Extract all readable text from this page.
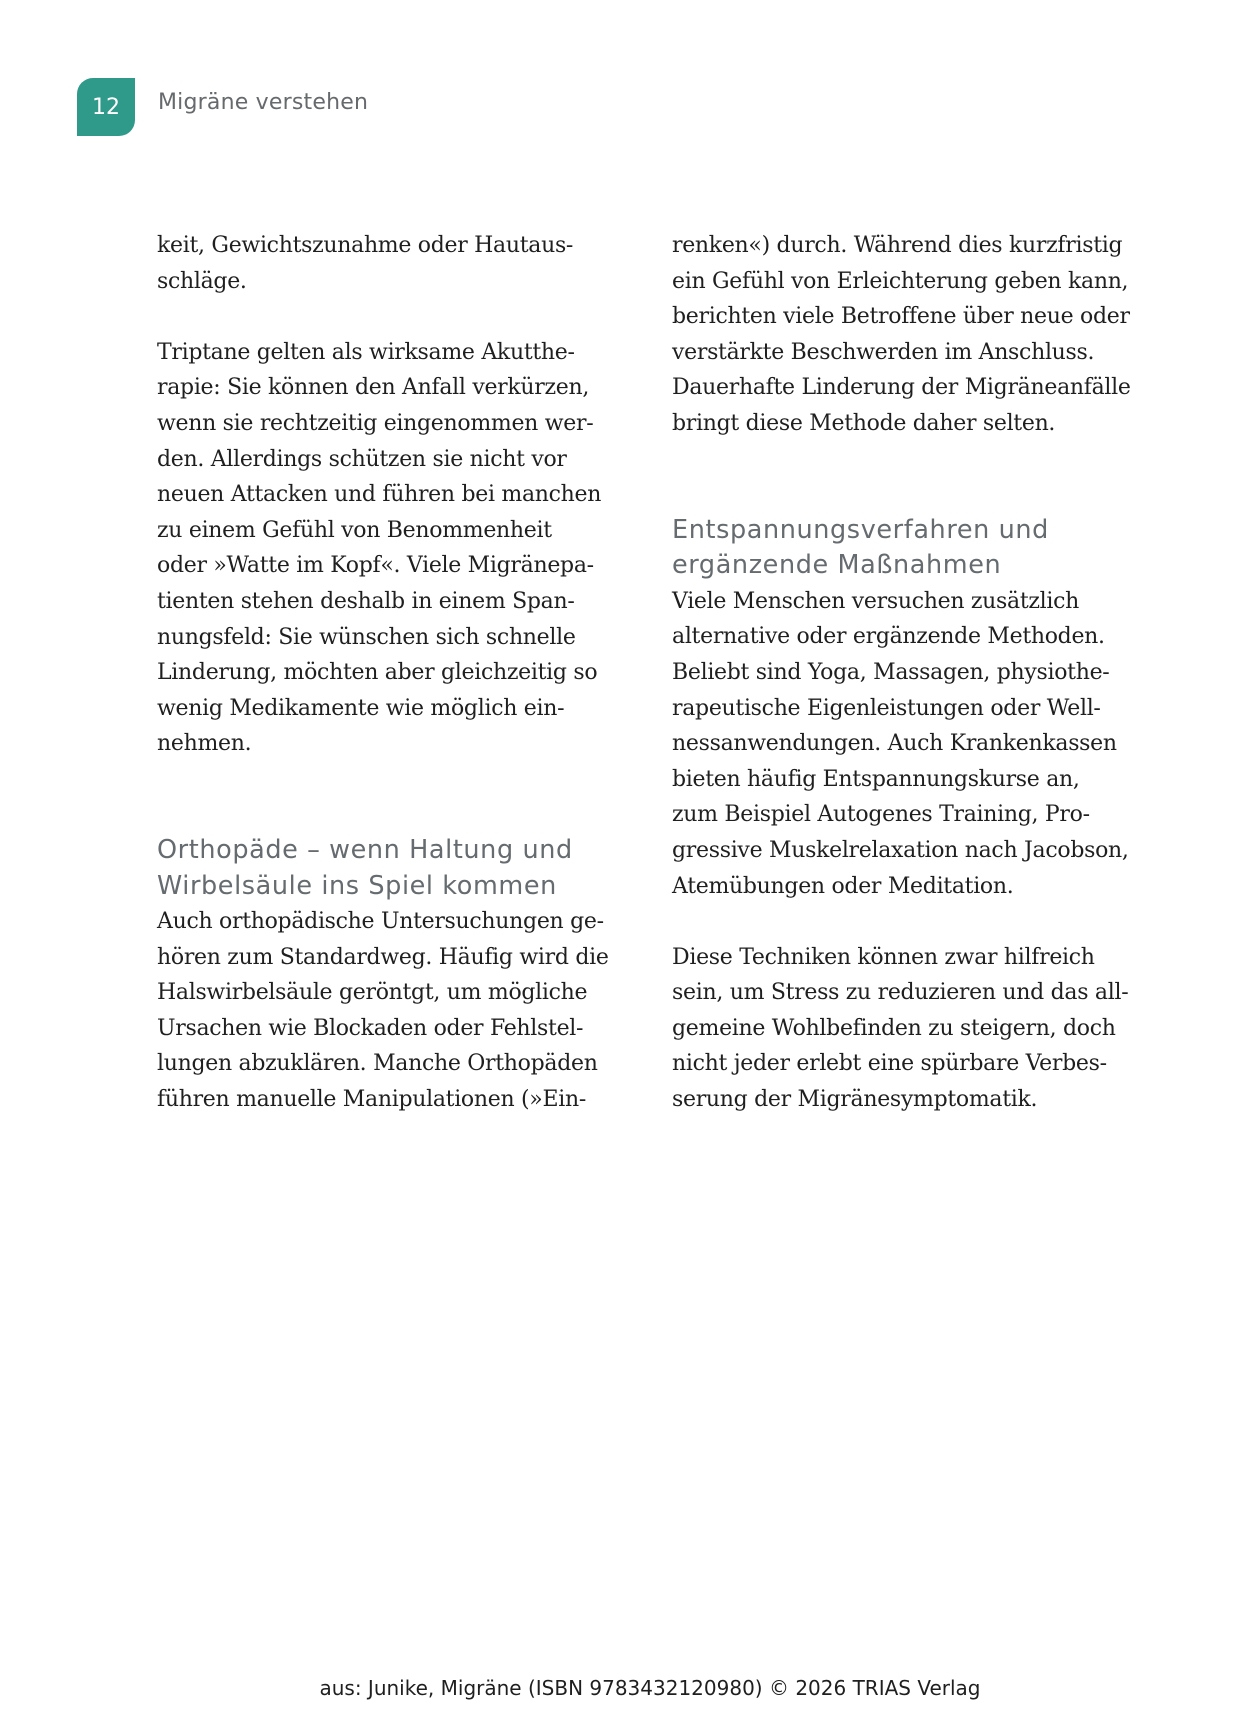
12 Migräne verstehen

keit, Gewichtszunahme oder Hautaus-
schläge.

Triptane gelten als wirksame Akutthe-
rapie: Sie können den Anfall verkürzen,
wenn sie rechtzeitig eingenommen wer-
den. Allerdings schützen sie nicht vor
neuen Attacken und führen bei manchen
zu einem Gefühl von Benommenheit
oder »Watte im Kopf«. Viele Migränepa-
tienten stehen deshalb in einem Span-
nungsfeld: Sie wünschen sich schnelle
Linderung, möchten aber gleichzeitig so
wenig Medikamente wie möglich ein-
nehmen.

Orthopäde – wenn Haltung und
Wirbelsäule ins Spiel kommen

Auch orthopädische Untersuchungen ge-
hören zum Standardweg. Häufig wird die
Halswirbelsäule geröntgt, um mögliche
Ursachen wie Blockaden oder Fehlstel-
lungen abzuklären. Manche Orthopäden
führen manuelle Manipulationen (»Ein-

renken«) durch. Während dies kurzfristig
ein Gefühl von Erleichterung geben kann,
berichten viele Betroffene über neue oder
verstärkte Beschwerden im Anschluss.
Dauerhafte Linderung der Migräneanfälle
bringt diese Methode daher selten.

Entspannungsverfahren und
ergänzende Maßnahmen

Viele Menschen versuchen zusätzlich
alternative oder ergänzende Methoden.
Beliebt sind Yoga, Massagen, physiothe-
rapeutische Eigenleistungen oder Well-
nessanwendungen. Auch Krankenkassen
bieten häufig Entspannungskurse an,
zum Beispiel Autogenes Training, Pro-
gressive Muskelrelaxation nach Jacobson,
Atemübungen oder Meditation.

Diese Techniken können zwar hilfreich
sein, um Stress zu reduzieren und das all-
gemeine Wohlbefinden zu steigern, doch
nicht jeder erlebt eine spürbare Verbes-
serung der Migränesymptomatik.

aus: Junike, Migräne (ISBN 9783432120980) © 2026 TRIAS Verlag
